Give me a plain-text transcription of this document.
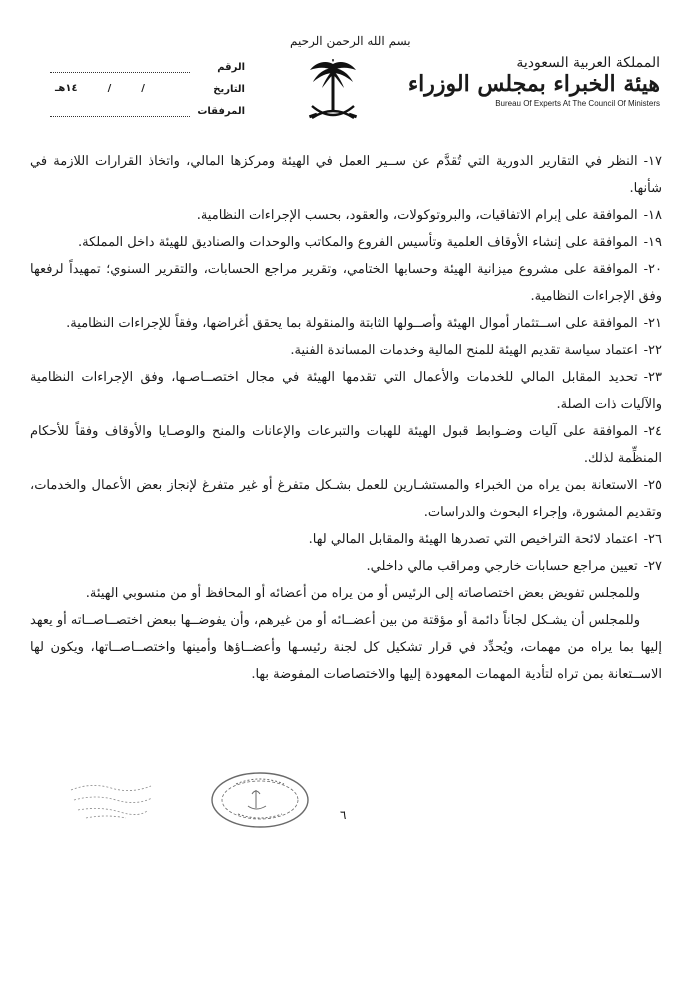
بسم الله الرحمن الرحيم
المملكة العربية السعودية
هيئة الخبراء بمجلس الوزراء
Bureau Of Experts At The Council Of Ministers
الرقم
التاريخ
١٤هـ	/	/
المرفقات

١٧-النظر في التقارير الدورية التي تُقدَّم عن ســير العمل في الهيئة ومركزها المالي، واتخاذ القرارات اللازمة في شأنها.

١٨-الموافقة على إبرام الاتفاقيات، والبروتوكولات، والعقود، بحسب الإجراءات النظامية.

١٩-الموافقة على إنشاء الأوقاف العلمية وتأسيس الفروع والمكاتب والوحدات والصناديق للهيئة داخل المملكة.

٢٠-الموافقة على مشروع ميزانية الهيئة وحسابها الختامي، وتقرير مراجع الحسابات، والتقرير السنوي؛ تمهيداً لرفعها وفق الإجراءات النظامية.

٢١-الموافقة على اســتثمار أموال الهيئة وأصــولها الثابتة والمنقولة بما يحقق أغراضها، وفقاً للإجراءات النظامية.

٢٢-اعتماد سياسة تقديم الهيئة للمنح المالية وخدمات المساندة الفنية.

٢٣-تحديد المقابل المالي للخدمات والأعمال التي تقدمها الهيئة في مجال اختصــاصـها، وفق الإجراءات النظامية والآليات ذات الصلة.

٢٤-الموافقة على آليات وضـوابط قبول الهيئة للهبات والتبرعات والإعانات والمنح والوصـايا والأوقاف وفقاً للأحكام المنظِّمة لذلك.

٢٥-الاستعانة بمن يراه من الخبراء والمستشـارين للعمل بشـكل متفرغ أو غير متفرغ لإنجاز بعض الأعمال والخدمات، وتقديم المشورة، وإجراء البحوث والدراسات.

٢٦-اعتماد لائحة التراخيص التي تصدرها الهيئة والمقابل المالي لها.

٢٧-تعيين مراجع حسابات خارجي ومراقب مالي داخلي.

وللمجلس تفويض بعض اختصاصاته إلى الرئيس أو من يراه من أعضائه أو المحافظ أو من منسوبي الهيئة.

وللمجلس أن يشـكل لجاناً دائمة أو مؤقتة من بين أعضــائه أو من غيرهم، وأن يفوضــها ببعض اختصــاصــاته أو يعهد إليها بما يراه من مهمات، ويُحدِّد في قرار تشكيل كل لجنة رئيسـها وأعضــاؤها وأمينها واختصــاصــاتها، ويكون لها الاســتعانة بمن تراه لتأدية المهمات المعهودة إليها والاختصاصات المفوضة بها.

٦
